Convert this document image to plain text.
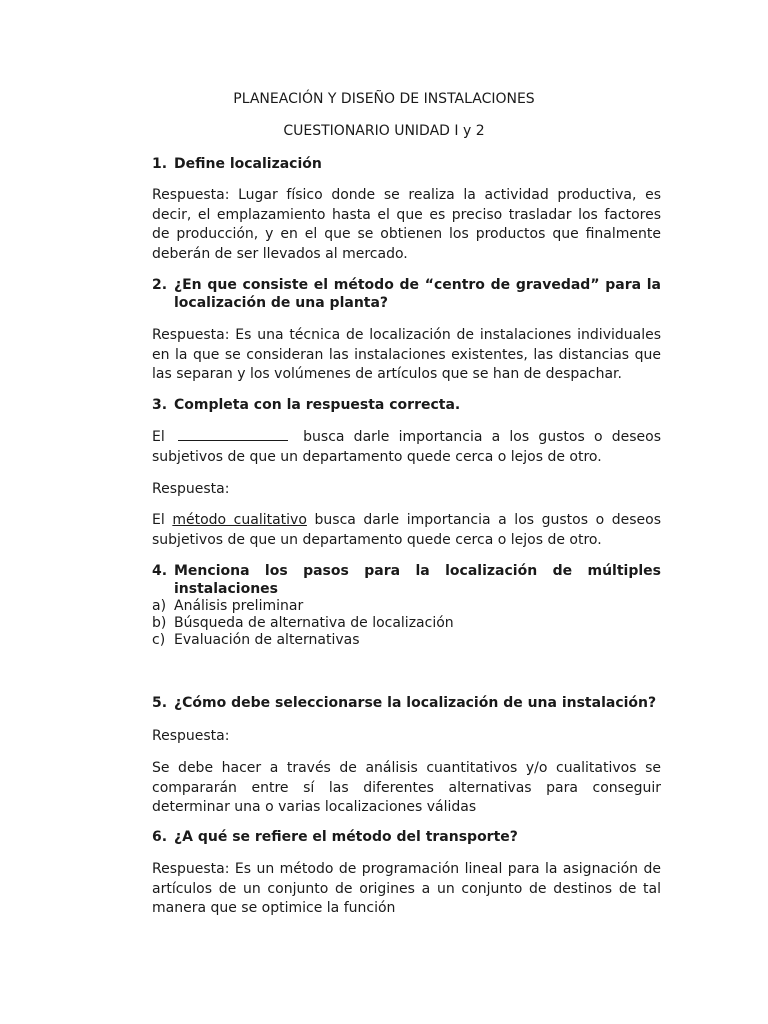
PLANEACIÓN Y DISEÑO DE INSTALACIONES
CUESTIONARIO UNIDAD I y 2

1. Define localización

Respuesta: Lugar físico donde se realiza la actividad productiva, es decir, el emplazamiento hasta el que es preciso trasladar los factores de producción, y en el que se obtienen los productos que finalmente deberán de ser llevados al mercado.

2. ¿En que consiste el método de “centro de gravedad” para la localización de una planta?

Respuesta: Es una técnica de localización de instalaciones individuales en la que se consideran las instalaciones existentes, las distancias que las separan y los volúmenes de artículos que se han de despachar.

3. Completa con la respuesta correcta.

El	busca darle importancia a los gustos o deseos subjetivos de que un departamento quede cerca o lejos de otro.

Respuesta:

El método cualitativo busca darle importancia a los gustos o deseos subjetivos de que un departamento quede cerca o lejos de otro.

4. Menciona los pasos para la localización de múltiples instalaciones

a) Análisis preliminar
b) Búsqueda de alternativa de localización
c) Evaluación de alternativas

5. ¿Cómo debe seleccionarse la localización de una instalación?

Respuesta:

Se debe hacer a través de análisis cuantitativos y/o cualitativos se compararán entre sí las diferentes alternativas para conseguir determinar una o varias localizaciones válidas

6. ¿A qué se refiere el método del transporte?

Respuesta: Es un método de programación lineal para la asignación de artículos de un conjunto de origines a un conjunto de destinos de tal manera que se optimice la función
